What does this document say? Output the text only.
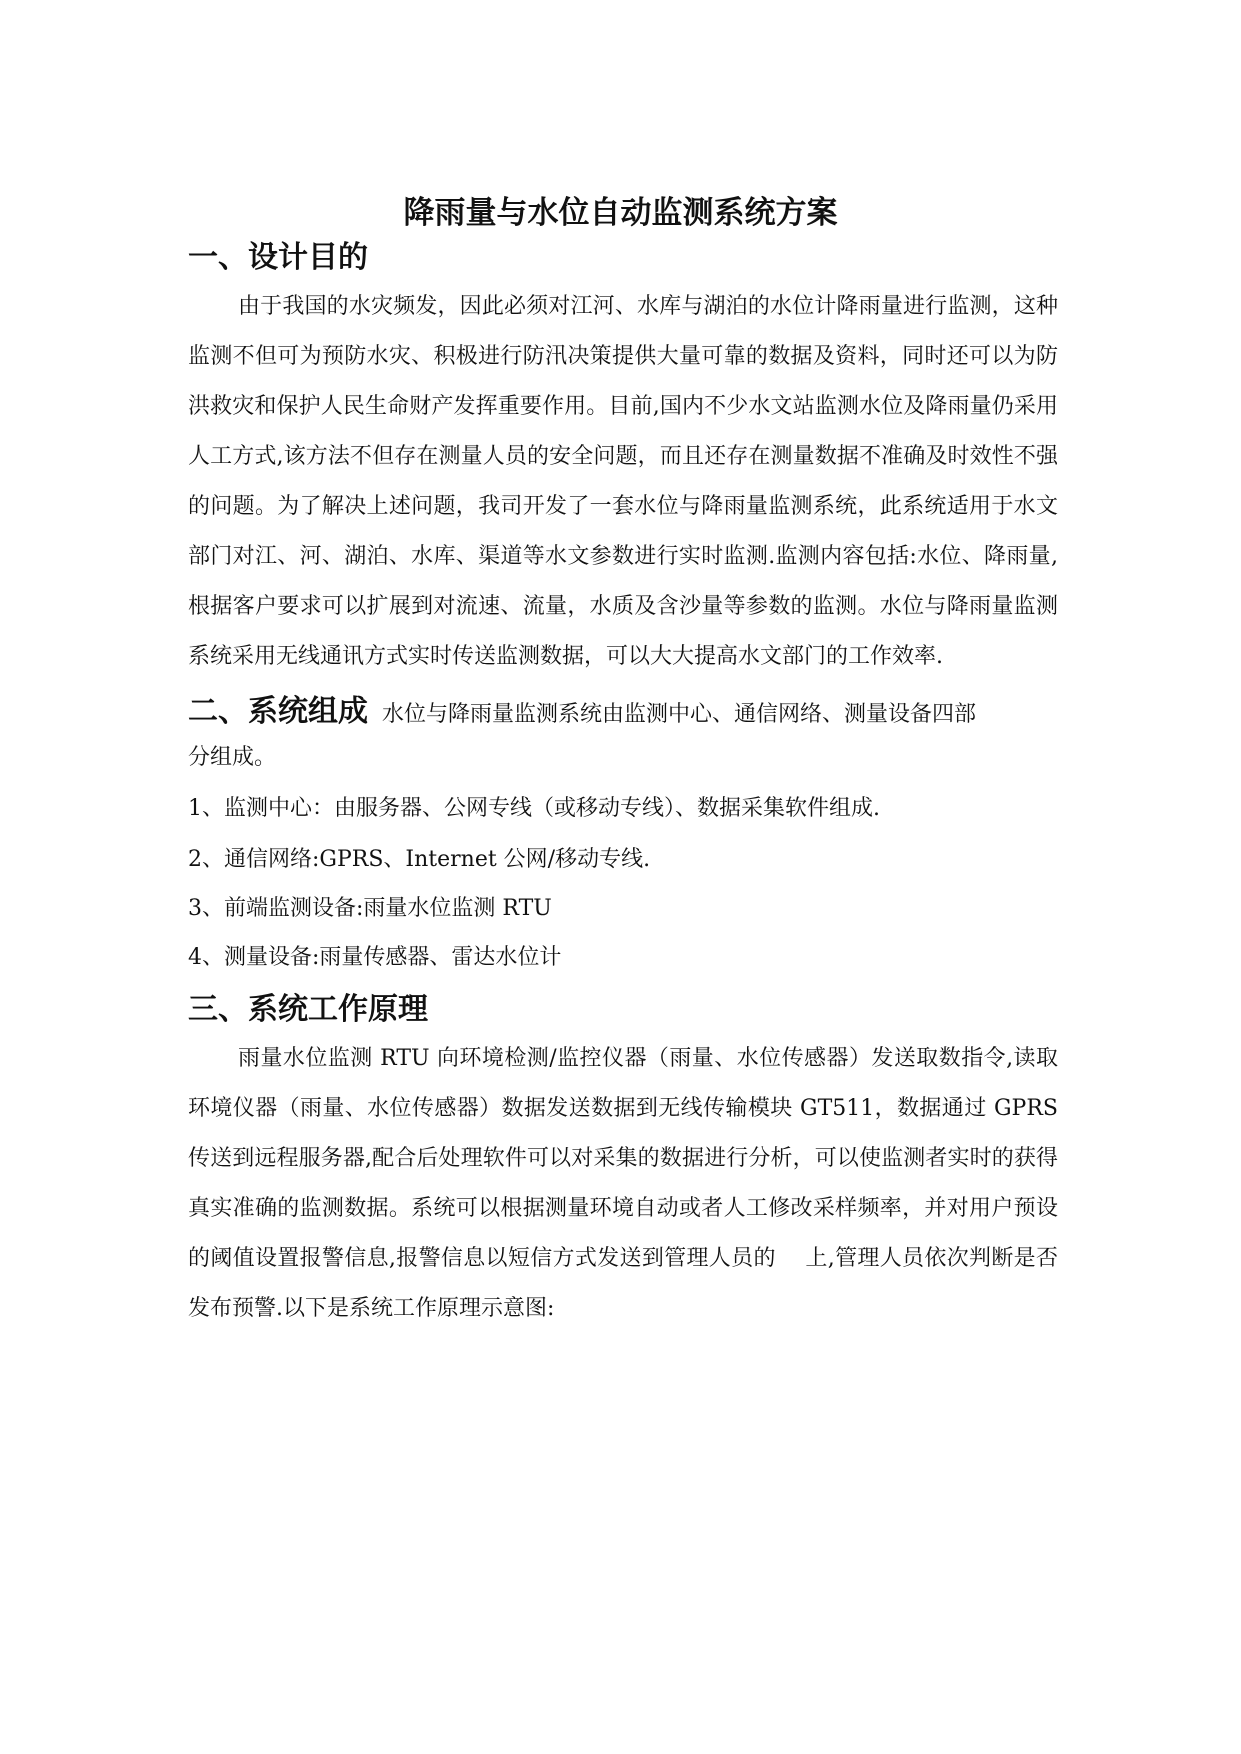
降雨量与水位自动监测系统方案
一、设计目的

由于我国的水灾频发，因此必须对江河、水库与湖泊的水位计降雨量进行监测，这种监测不但可为预防水灾、积极进行防汛决策提供大量可靠的数据及资料，同时还可以为防洪救灾和保护人民生命财产发挥重要作用。目前,国内不少水文站监测水位及降雨量仍采用人工方式,该方法不但存在测量人员的安全问题，而且还存在测量数据不准确及时效性不强的问题。为了解决上述问题，我司开发了一套水位与降雨量监测系统，此系统适用于水文部门对江、河、湖泊、水库、渠道等水文参数进行实时监测.监测内容包括:水位、降雨量,根据客户要求可以扩展到对流速、流量，水质及含沙量等参数的监测。水位与降雨量监测系统采用无线通讯方式实时传送监测数据，可以大大提高水文部门的工作效率.

二、系统组成 水位与降雨量监测系统由监测中心、通信网络、测量设备四部

分组成。

1、监测中心：由服务器、公网专线（或移动专线）、数据采集软件组成.

2、通信网络:GPRS、Internet 公网/移动专线.

3、前端监测设备:雨量水位监测 RTU

4、测量设备:雨量传感器、雷达水位计

三、系统工作原理

雨量水位监测 RTU 向环境检测/监控仪器（雨量、水位传感器）发送取数指令,读取环境仪器（雨量、水位传感器）数据发送数据到无线传输模块 GT511，数据通过 GPRS 传送到远程服务器,配合后处理软件可以对采集的数据进行分析，可以使监测者实时的获得真实准确的监测数据。系统可以根据测量环境自动或者人工修改采样频率，并对用户预设的阈值设置报警信息,报警信息以短信方式发送到管理人员的　 上,管理人员依次判断是否发布预警.以下是系统工作原理示意图:
